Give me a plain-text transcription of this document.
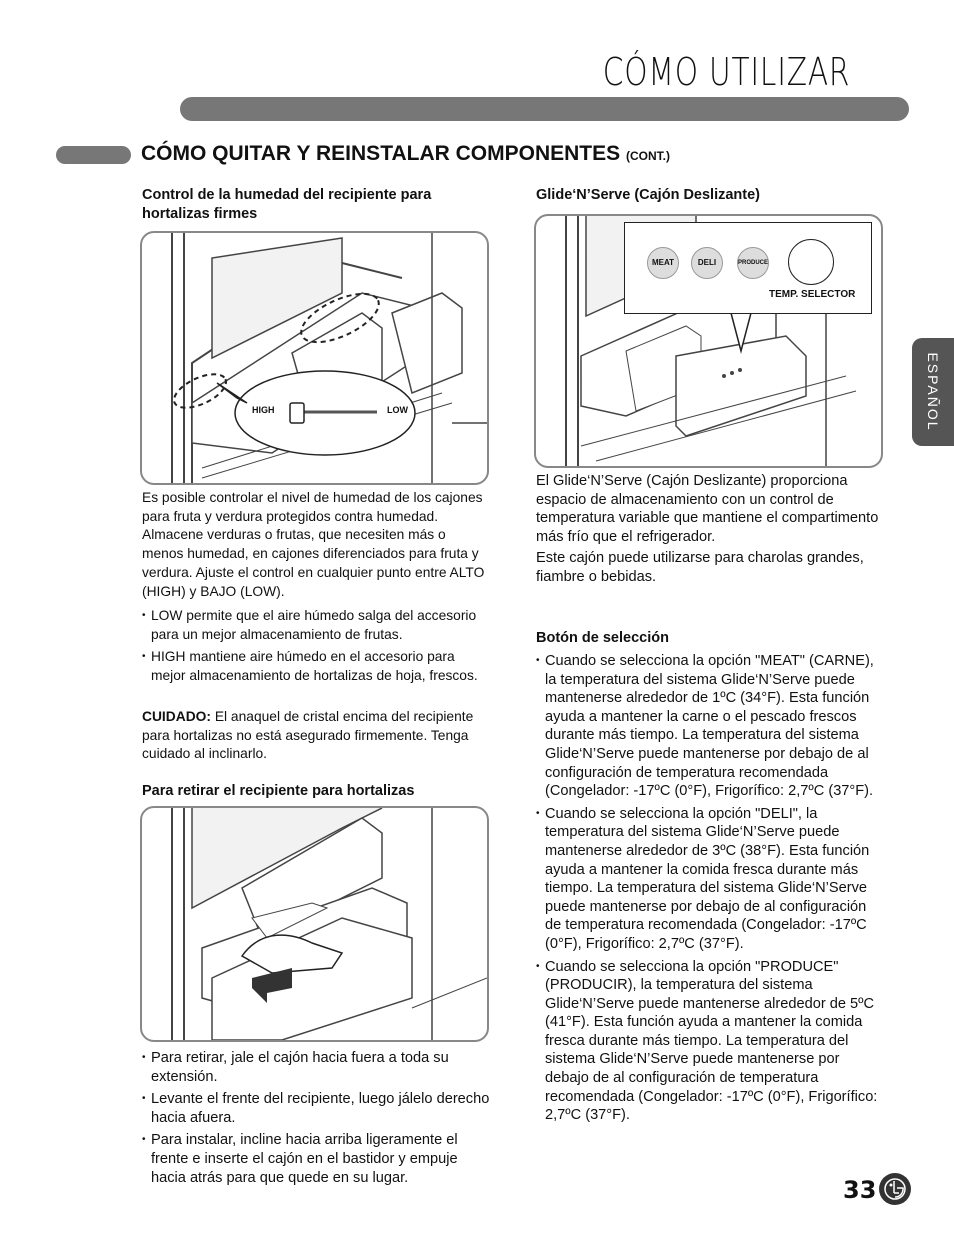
CÓMO UTILIZAR
CÓMO QUITAR Y REINSTALAR COMPONENTES (CONT.)
ESPAÑOL
Control de la humedad del recipiente para hortalizas firmes
HIGH	LOW
Es posible controlar el nivel de humedad de los cajones para fruta y verdura protegidos contra humedad. Almacene verduras o frutas, que necesiten más o menos humedad, en cajones diferenciados para fruta y verdura. Ajuste el control en cualquier punto entre ALTO (HIGH) y BAJO (LOW).
• LOW permite que el aire húmedo salga del accesorio para un mejor almacenamiento de frutas.
• HIGH mantiene aire húmedo en el accesorio para mejor almacenamiento de hortalizas de hoja, frescos.
CUIDADO: El anaquel de cristal encima del recipiente para hortalizas no está asegurado firmemente. Tenga cuidado al inclinarlo.
Para retirar el recipiente para hortalizas
• Para retirar, jale el cajón hacia fuera a toda su extensión.
• Levante el frente del recipiente, luego jálelo derecho hacia afuera.
• Para instalar, incline hacia arriba ligeramente el frente e inserte el cajón en el bastidor y empuje hacia atrás para que quede en su lugar.
Glide‘N’Serve (Cajón Deslizante)
MEAT	DELI	PRODUCE
TEMP. SELECTOR
El Glide‘N’Serve (Cajón Deslizante) proporciona espacio de almacenamiento con un control de temperatura variable que mantiene el compartimento más frío que el refrigerador.
Este cajón puede utilizarse para charolas grandes, fiambre o bebidas.
Botón de selección
• Cuando se selecciona la opción "MEAT" (CARNE), la temperatura del sistema Glide‘N’Serve puede mantenerse alrededor de 1ºC (34°F). Esta función ayuda a mantener la carne o el pescado frescos durante más tiempo. La temperatura del sistema Glide‘N’Serve puede mantenerse por debajo de al configuración de temperatura recomendada (Congelador: -17ºC (0°F), Frigorífico: 2,7ºC (37°F).
• Cuando se selecciona la opción "DELI", la temperatura del sistema Glide‘N’Serve puede mantenerse alrededor de 3ºC (38°F). Esta función ayuda a mantener la comida fresca durante más tiempo. La temperatura del sistema Glide‘N’Serve puede mantenerse por debajo de al configuración de temperatura recomendada (Congelador: -17ºC (0°F), Frigorífico: 2,7ºC (37°F).
• Cuando se selecciona la opción "PRODUCE" (PRODUCIR), la temperatura del sistema Glide‘N’Serve puede mantenerse alrededor de 5ºC (41°F). Esta función ayuda a mantener la comida fresca durante más tiempo. La temperatura del sistema Glide‘N’Serve puede mantenerse por debajo de al configuración de temperatura recomendada (Congelador: -17ºC (0°F), Frigorífico: 2,7ºC (37°F).
33
